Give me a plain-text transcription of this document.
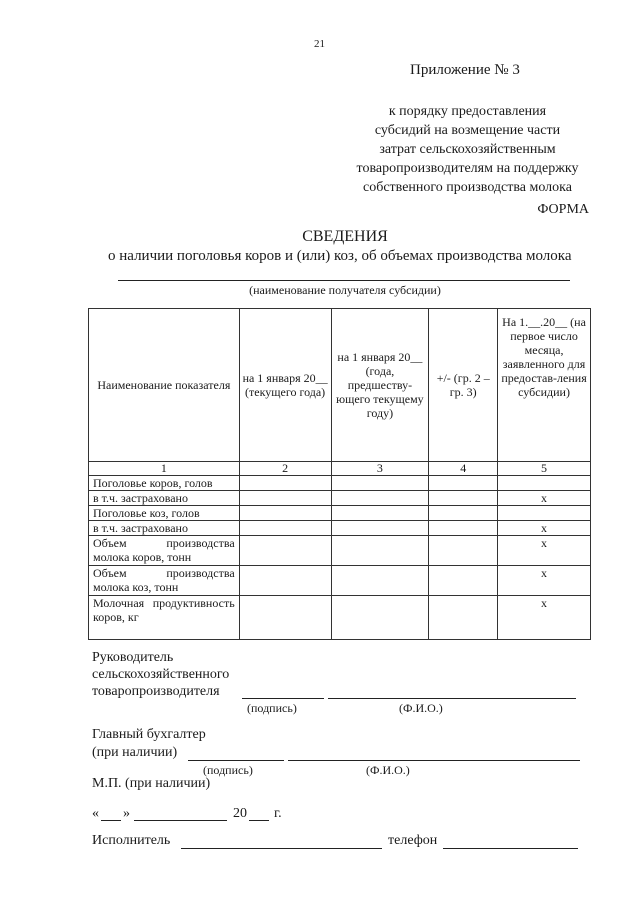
21
Приложение № 3
к порядку предоставления
субсидий на возмещение части
затрат сельскохозяйственным
товаропроизводителям на поддержку
собственного производства молока
ФОРМА
СВЕДЕНИЯ
о наличии поголовья коров и (или) коз, об объемах производства молока
(наименование получателя субсидии)
Наименование показателя	на 1 января 20__ (текущего года)	на 1 января 20__ (года, предшеству-ющего текущему году)	+/- (гр. 2 – гр. 3)	На 1.__.20__ (на первое число месяца, заявленного для предостав-ления субсидии)
1	2	3	4	5
Поголовье коров, голов				
в т.ч. застраховано				х
Поголовье коз, голов				
в т.ч. застраховано				х
Объем производства молока коров, тонн				х
Объем производства молока коз, тонн				х
Молочная продуктивность коров, кг				х
Руководитель
сельскохозяйственного
товаропроизводителя
(подпись)	(Ф.И.О.)
Главный бухгалтер
(при наличии)
(подпись)	(Ф.И.О.)
М.П. (при наличии)
« »	20 г.
Исполнитель	телефон
